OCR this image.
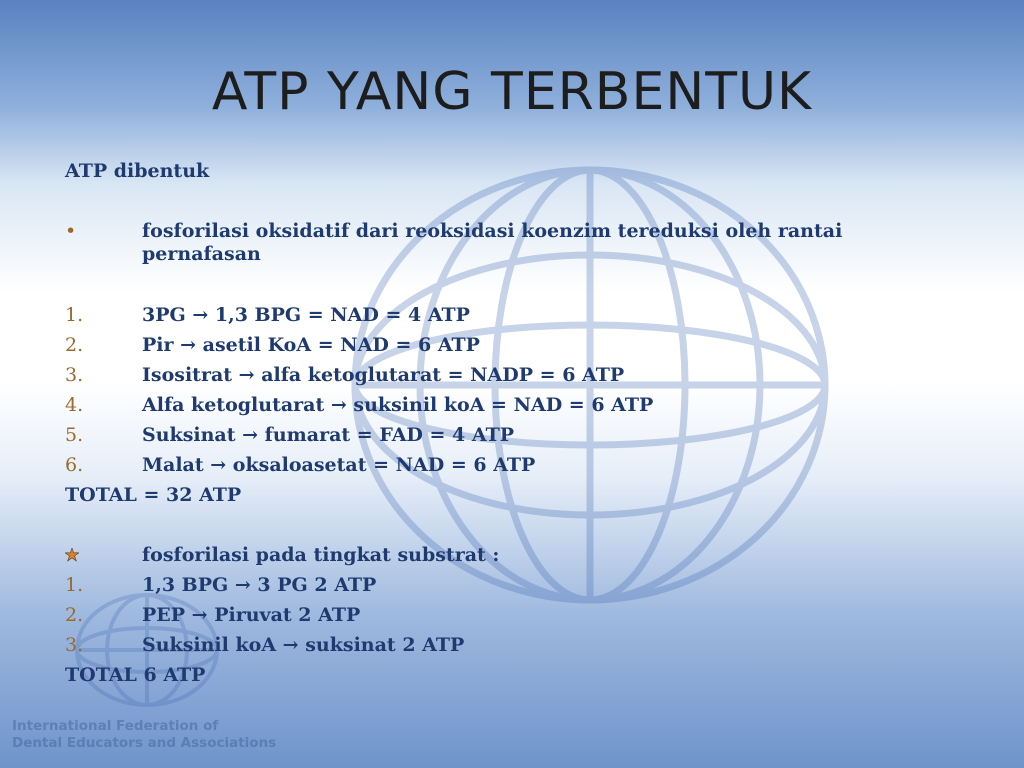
ATP YANG TERBENTUK
ATP dibentuk
•	fosforilasi oksidatif dari reoksidasi koenzim tereduksi oleh rantai pernafasan
1.	3PG → 1,3 BPG = NAD = 4 ATP
2.	Pir → asetil KoA = NAD = 6 ATP
3.	Isositrat → alfa ketoglutarat = NADP = 6 ATP
4.	Alfa ketoglutarat → suksinil koA = NAD = 6 ATP
5.	Suksinat → fumarat = FAD = 4 ATP
6.	Malat → oksaloasetat = NAD = 6 ATP
TOTAL = 32 ATP
fosforilasi pada tingkat substrat :
1.	1,3 BPG → 3 PG 2 ATP
2.	PEP → Piruvat 2 ATP
3.	Suksinil koA → suksinat 2 ATP
TOTAL 6 ATP
International Federation of
Dental Educators and Associations
